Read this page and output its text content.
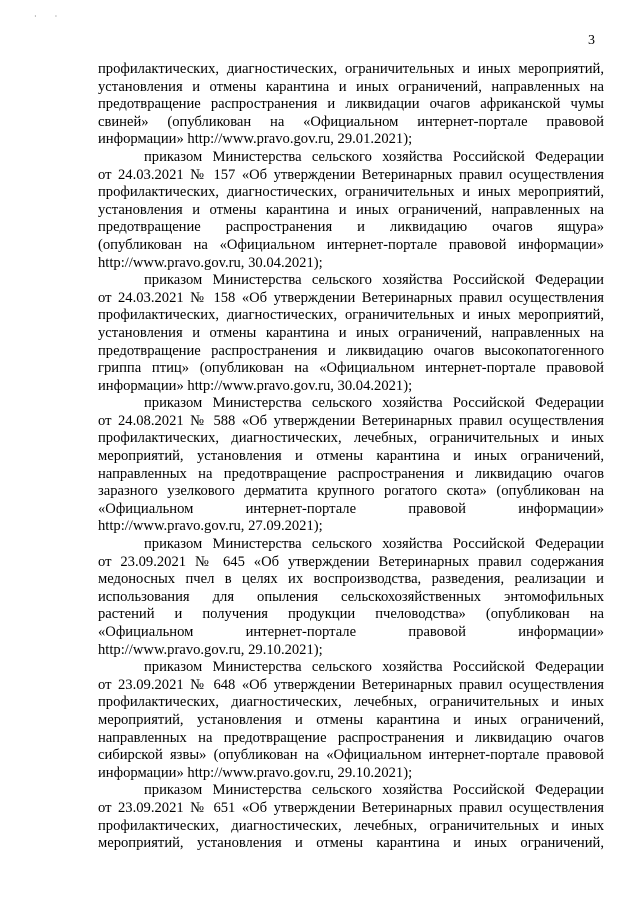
· ·
3

профилактических, диагностических, ограничительных и иных мероприятий,
установления и отмены карантина и иных ограничений, направленных на
предотвращение распространения и ликвидации очагов африканской чумы
свиней» (опубликован на «Официальном интернет-портале правовой
информации» http://www.pravo.gov.ru, 29.01.2021);

приказом Министерства сельского хозяйства Российской Федерации
от 24.03.2021 № 157 «Об утверждении Ветеринарных правил осуществления
профилактических, диагностических, ограничительных и иных мероприятий,
установления и отмены карантина и иных ограничений, направленных на
предотвращение распространения и ликвидацию очагов ящура»
(опубликован на «Официальном интернет-портале правовой информации»
http://www.pravo.gov.ru, 30.04.2021);

приказом Министерства сельского хозяйства Российской Федерации
от 24.03.2021 № 158 «Об утверждении Ветеринарных правил осуществления
профилактических, диагностических, ограничительных и иных мероприятий,
установления и отмены карантина и иных ограничений, направленных на
предотвращение распространения и ликвидацию очагов высокопатогенного
гриппа птиц» (опубликован на «Официальном интернет-портале правовой
информации» http://www.pravo.gov.ru, 30.04.2021);

приказом Министерства сельского хозяйства Российской Федерации
от 24.08.2021 № 588 «Об утверждении Ветеринарных правил осуществления
профилактических, диагностических, лечебных, ограничительных и иных
мероприятий, установления и отмены карантина и иных ограничений,
направленных на предотвращение распространения и ликвидацию очагов
заразного узелкового дерматита крупного рогатого скота» (опубликован на
«Официальном интернет-портале правовой информации»
http://www.pravo.gov.ru, 27.09.2021);

приказом Министерства сельского хозяйства Российской Федерации
от 23.09.2021 № 645 «Об утверждении Ветеринарных правил содержания
медоносных пчел в целях их воспроизводства, разведения, реализации и
использования для опыления сельскохозяйственных энтомофильных
растений и получения продукции пчеловодства» (опубликован на
«Официальном интернет-портале правовой информации»
http://www.pravo.gov.ru, 29.10.2021);

приказом Министерства сельского хозяйства Российской Федерации
от 23.09.2021 № 648 «Об утверждении Ветеринарных правил осуществления
профилактических, диагностических, лечебных, ограничительных и иных
мероприятий, установления и отмены карантина и иных ограничений,
направленных на предотвращение распространения и ликвидацию очагов
сибирской язвы» (опубликован на «Официальном интернет-портале правовой
информации» http://www.pravo.gov.ru, 29.10.2021);

приказом Министерства сельского хозяйства Российской Федерации
от 23.09.2021 № 651 «Об утверждении Ветеринарных правил осуществления
профилактических, диагностических, лечебных, ограничительных и иных
мероприятий, установления и отмены карантина и иных ограничений,
